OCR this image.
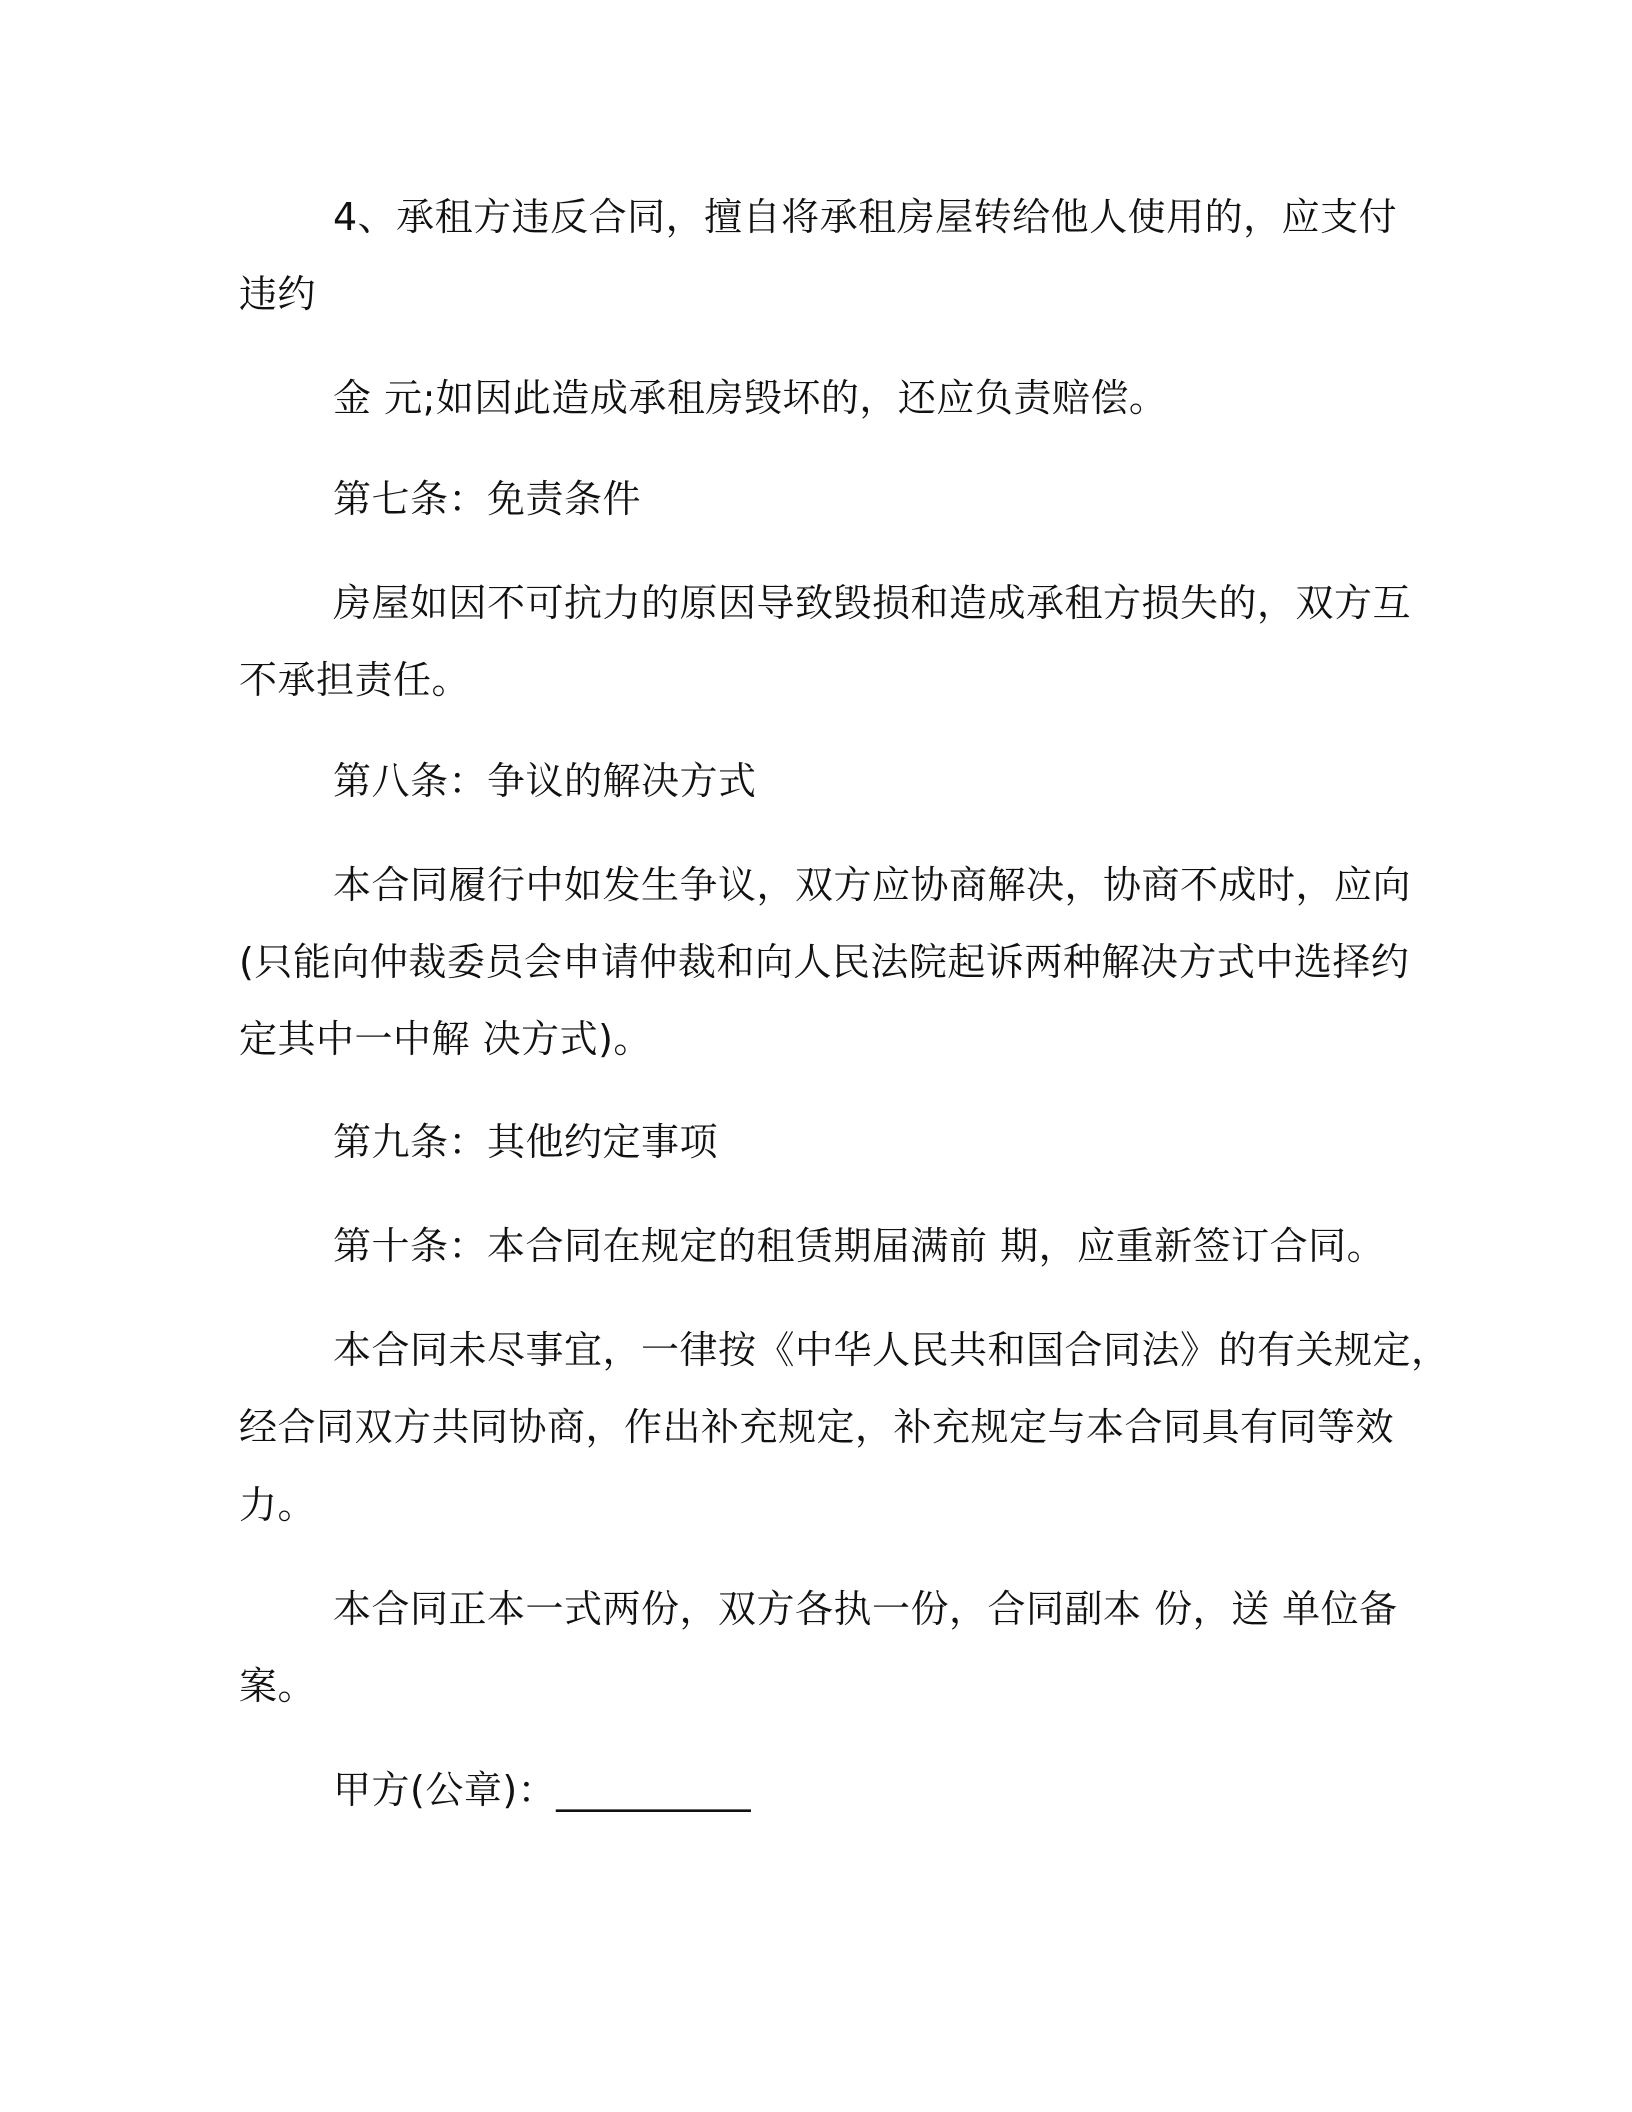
4、承租方违反合同，擅自将承租房屋转给他人使用的，应支付
违约
金 元;如因此造成承租房毁坏的，还应负责赔偿。
第七条：免责条件
房屋如因不可抗力的原因导致毁损和造成承租方损失的，双方互
不承担责任。
第八条：争议的解决方式
本合同履行中如发生争议，双方应协商解决，协商不成时，应向
(只能向仲裁委员会申请仲裁和向人民法院起诉两种解决方式中选择约
定其中一中解 决方式)。
第九条：其他约定事项
第十条：本合同在规定的租赁期届满前 期，应重新签订合同。
本合同未尽事宜，一律按《中华人民共和国合同法》的有关规定，
经合同双方共同协商，作出补充规定，补充规定与本合同具有同等效
力。
本合同正本一式两份，双方各执一份，合同副本 份，送 单位备
案。
甲方(公章)：__________
